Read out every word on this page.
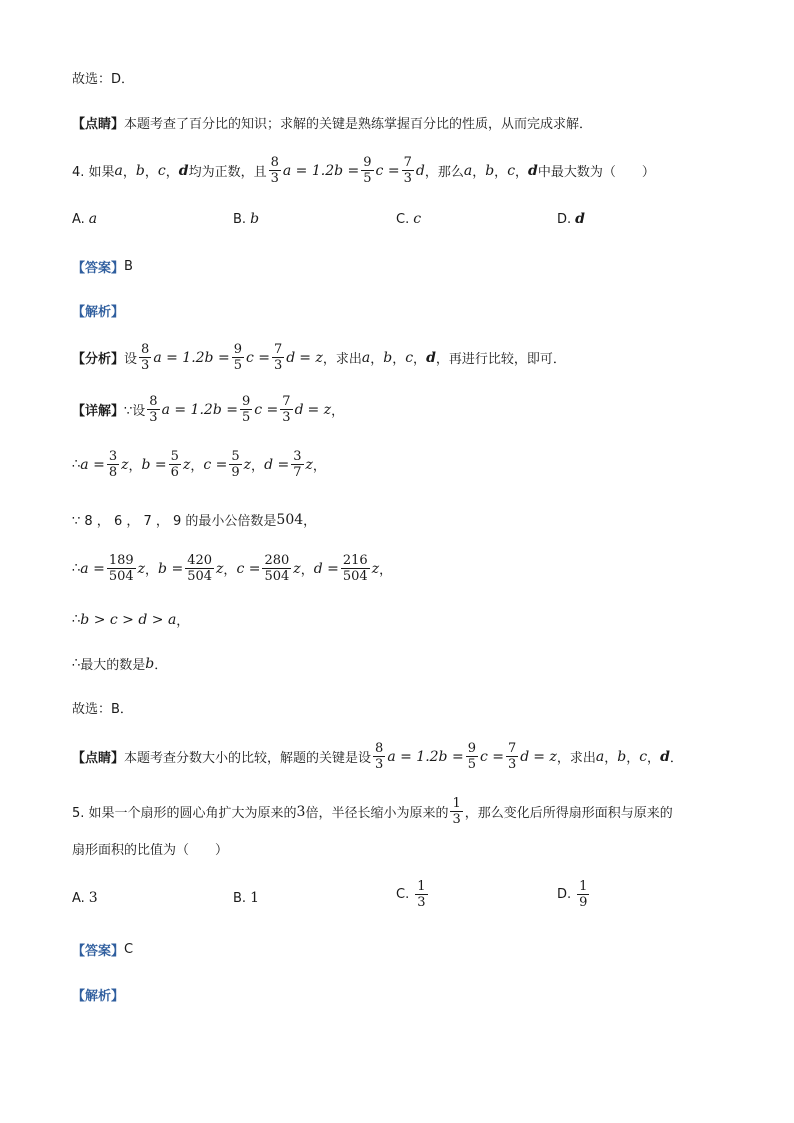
故选：D．
【点睛】 本题考查了百分比的知识；求解的关键是熟练掌握百分比的性质，从而完成求解．
4. 如果 a ， b ， c ， d 均为正数，且 $\frac{8}{3}$ $a = 1.2b = \frac{9}{5}$ $c = \frac{7}{3}$ d ，那么 a ， b ， c ， d 中最大数为（　　）
A. a	B. b	C. c	D. d
【答案】 B
【解析】
【分析】 设 $\frac{8}{3}$ $a = 1.2b = \frac{9}{5}$ $c = \frac{7}{3}$ d = z ，求出 a ， b ， c ， d ，再进行比较，即可．
【详解】 ∵设 $\frac{8}{3}$ $a = 1.2b = \frac{9}{5}$ $c = \frac{7}{3}$ d = z ，
∴ $a = \frac{3}{8}$ z ， $b = \frac{5}{6}$ z ， $c = \frac{5}{9}$ z ， $d = \frac{3}{7}$ z ，
∵ 8 ， 6 ， 7 ， 9 的最小公倍数是 504 ，
∴ $a = \frac{189}{504}$ z ， $b = \frac{420}{504}$ z ， $c = \frac{280}{504}$ z ， $d = \frac{216}{504}$ z ，
∴ b > c > d > a ，
∴ 最大的数是 b ．
故选：B．
【点睛】 本题考查分数大小的比较，解题的关键是设 $\frac{8}{3}$ $a = 1.2b = \frac{9}{5}$ $c = \frac{7}{3}$ d = z ，求出 a ， b ， c ， d ．
5. 如果一个扇形的圆心角扩大为原来的 3 倍，半径长缩小为原来的 $\frac{1}{3}$ ，那么变化后所得扇形面积与原来的
扇形面积的比值为（　　）
A. 3	B. 1	C. $\frac{1}{3}$	D. $\frac{1}{9}$
【答案】 C
【解析】
